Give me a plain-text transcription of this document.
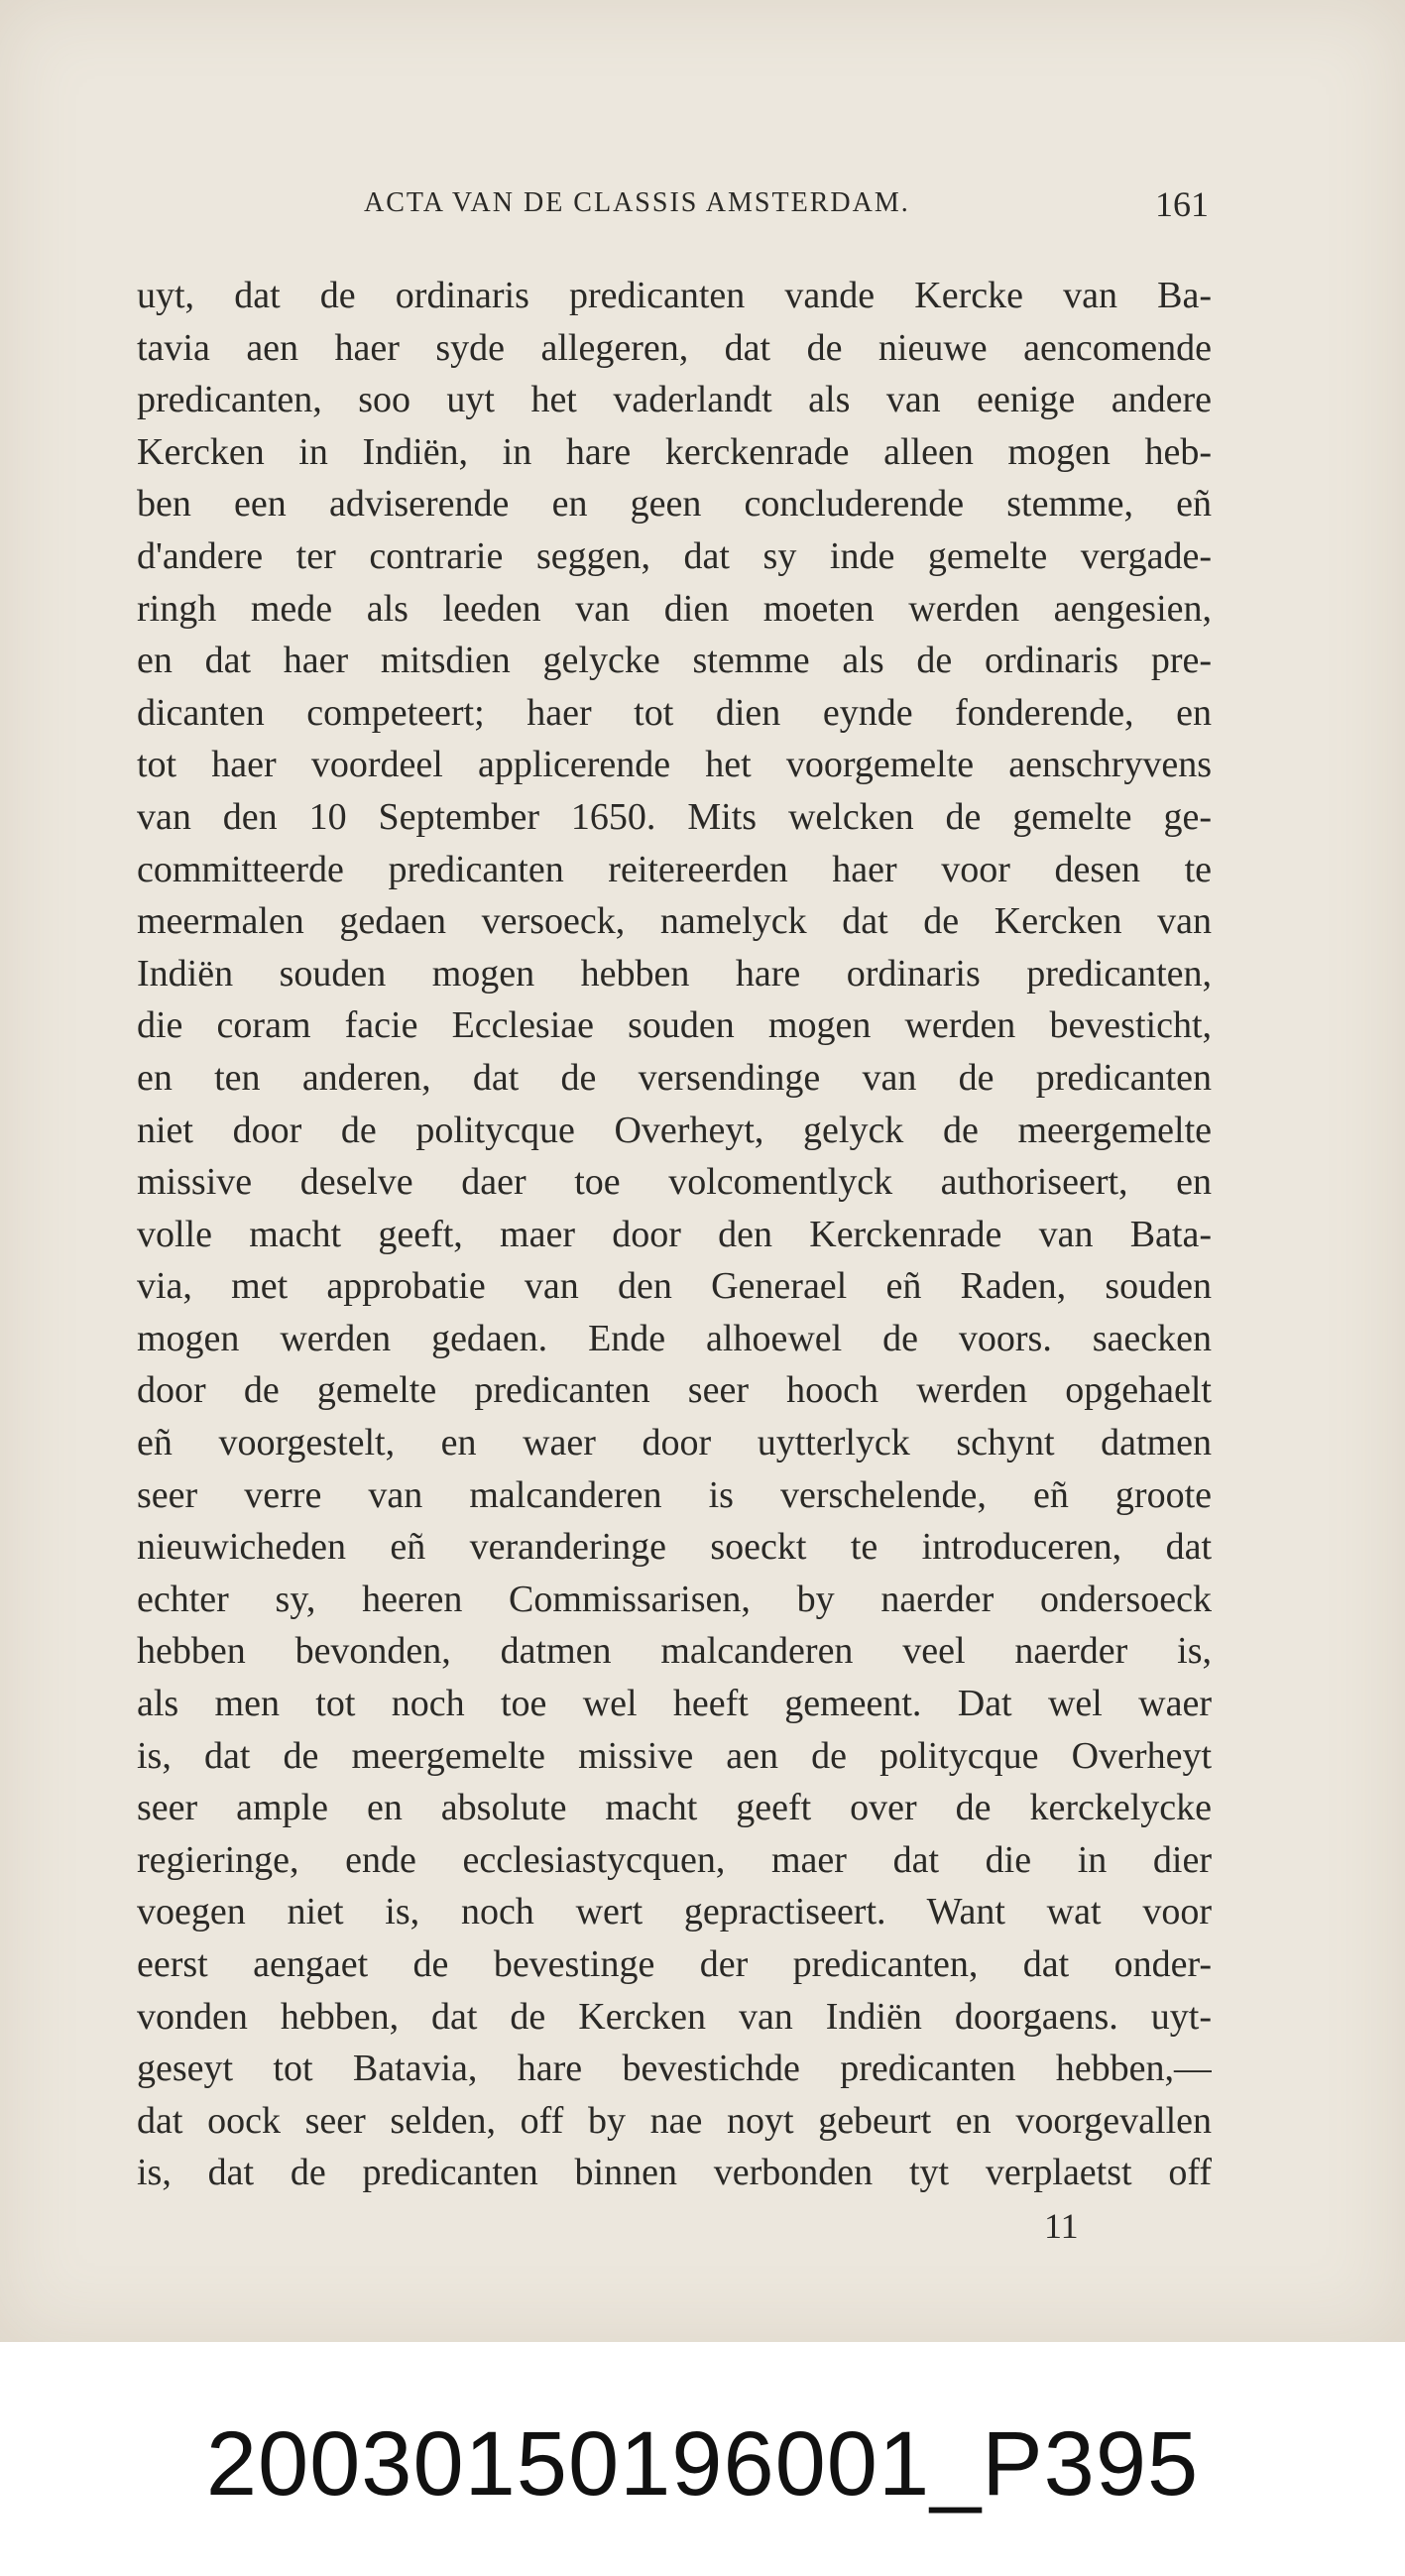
ACTA VAN DE CLASSIS AMSTERDAM.	161
uyt, dat de ordinaris predicanten vande Kercke van Ba-
tavia aen haer syde allegeren, dat de nieuwe aencomende
predicanten, soo uyt het vaderlandt als van eenige andere
Kercken in Indiën, in hare kerckenrade alleen mogen heb-
ben een adviserende en geen concluderende stemme, eñ
d'andere ter contrarie seggen, dat sy inde gemelte vergade-
ringh mede als leeden van dien moeten werden aengesien,
en dat haer mitsdien gelycke stemme als de ordinaris pre-
dicanten competeert; haer tot dien eynde fonderende, en
tot haer voordeel applicerende het voorgemelte aenschryvens
van den 10 September 1650. Mits welcken de gemelte ge-
committeerde predicanten reitereerden haer voor desen te
meermalen gedaen versoeck, namelyck dat de Kercken van
Indiën souden mogen hebben hare ordinaris predicanten,
die coram facie Ecclesiae souden mogen werden bevesticht,
en ten anderen, dat de versendinge van de predicanten
niet door de politycque Overheyt, gelyck de meergemelte
missive deselve daer toe volcomentlyck authoriseert, en
volle macht geeft, maer door den Kerckenrade van Bata-
via, met approbatie van den Generael eñ Raden, souden
mogen werden gedaen. Ende alhoewel de voors. saecken
door de gemelte predicanten seer hooch werden opgehaelt
eñ voorgestelt, en waer door uytterlyck schynt datmen
seer verre van malcanderen is verschelende, eñ groote
nieuwicheden eñ veranderinge soeckt te introduceren, dat
echter sy, heeren Commissarisen, by naerder ondersoeck
hebben bevonden, datmen malcanderen veel naerder is,
als men tot noch toe wel heeft gemeent. Dat wel waer
is, dat de meergemelte missive aen de politycque Overheyt
seer ample en absolute macht geeft over de kerckelycke
regieringe, ende ecclesiastycquen, maer dat die in dier
voegen niet is, noch wert gepractiseert. Want wat voor
eerst aengaet de bevestinge der predicanten, dat onder-
vonden hebben, dat de Kercken van Indiën doorgaens. uyt-
geseyt tot Batavia, hare bevestichde predicanten hebben,—
dat oock seer selden, off by nae noyt gebeurt en voorgevallen
is, dat de predicanten binnen verbonden tyt verplaetst off
11
20030150196001_P395
